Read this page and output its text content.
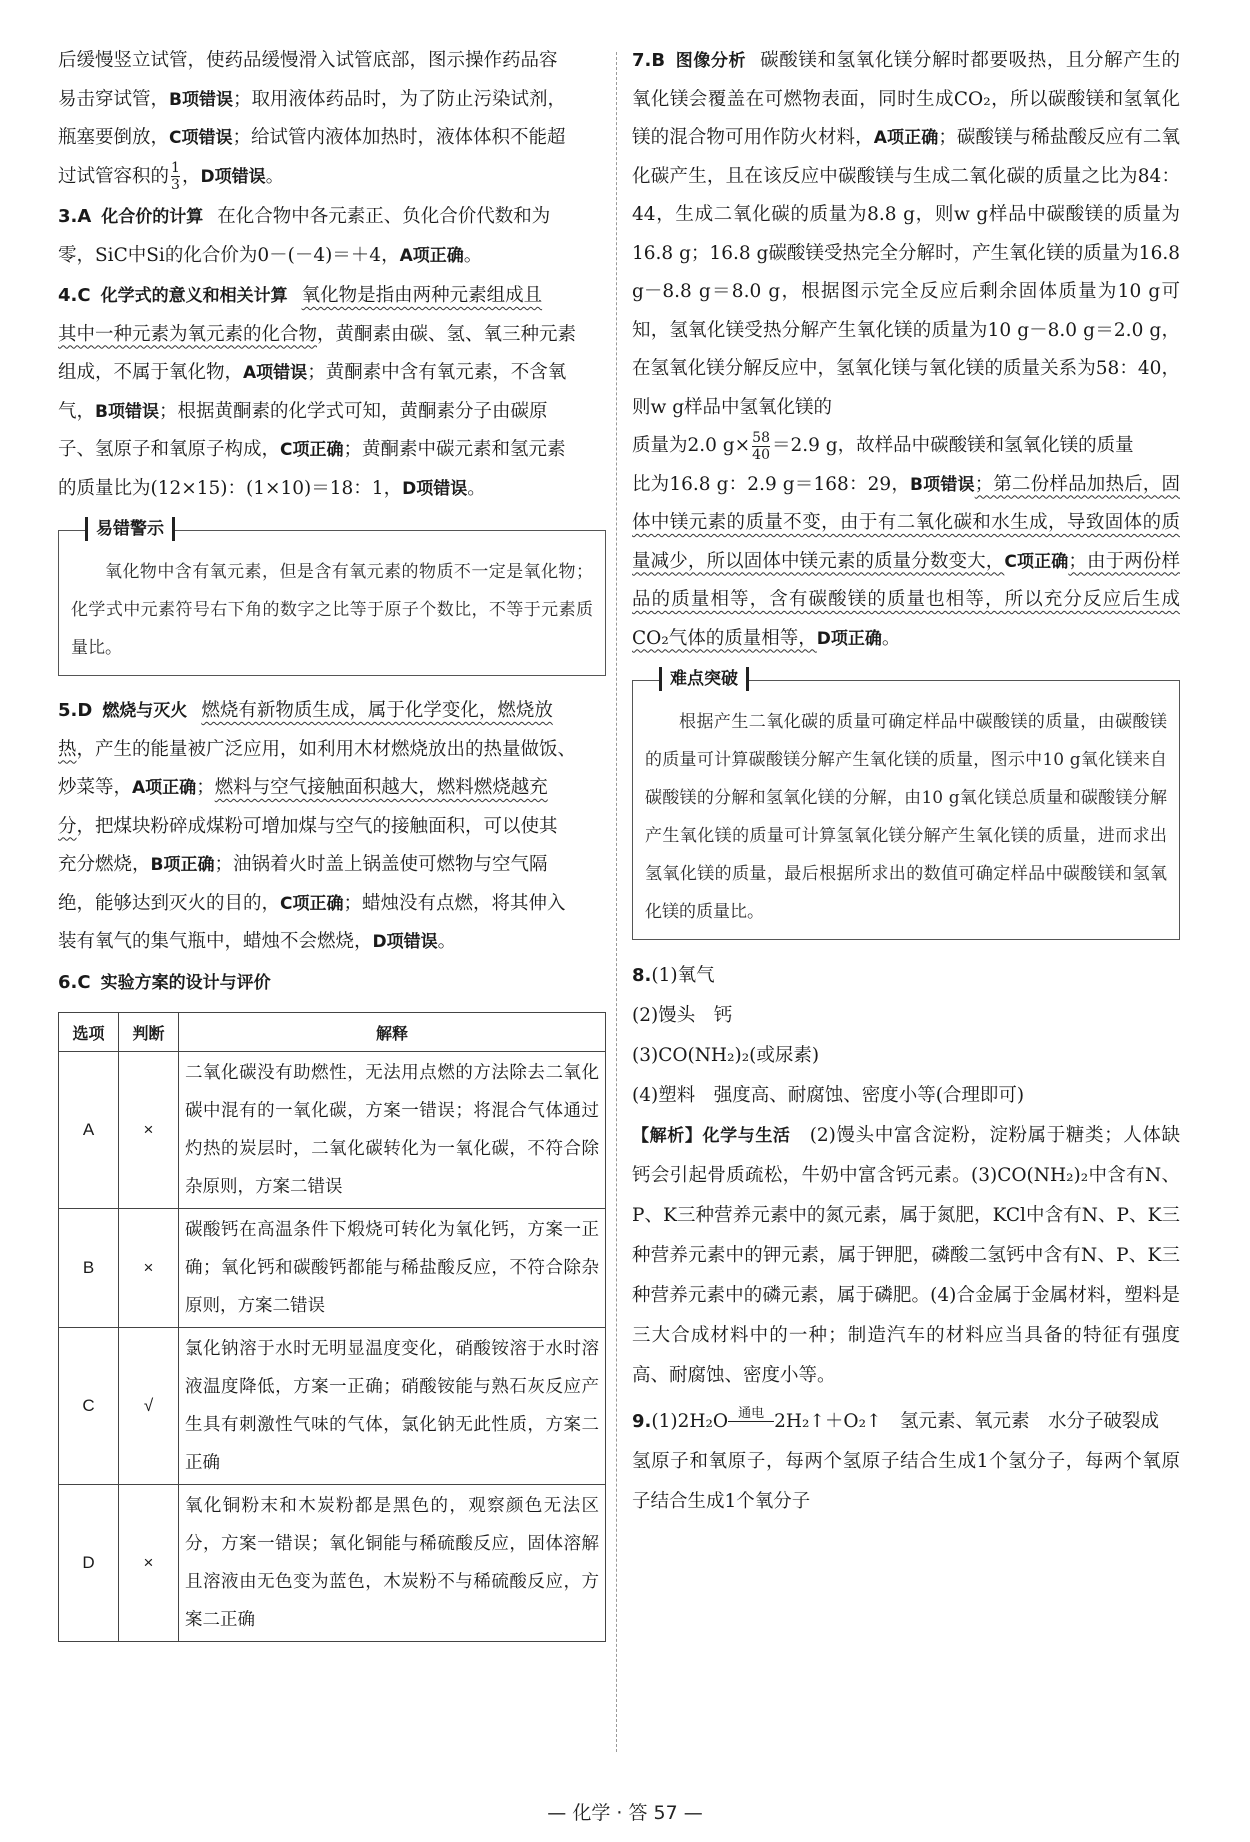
后缓慢竖立试管，使药品缓慢滑入试管底部，图示操作药品容
易击穿试管，B项错误；取用液体药品时，为了防止污染试剂，
瓶塞要倒放，C项错误；给试管内液体加热时，液体体积不能超
过试管容积的 $\frac{1}{3}$ ，D项错误。

3.A 化合价的计算 在化合物中各元素正、负化合价代数和为
零，SiC中Si的化合价为0－(－4)＝＋4，A项正确。

4.C 化学式的意义和相关计算 氧化物是指由两种元素组成且
其中一种元素为氧元素的化合物，黄酮素由碳、氢、氧三种元素
组成，不属于氧化物，A项错误；黄酮素中含有氧元素，不含氧
气，B项错误；根据黄酮素的化学式可知，黄酮素分子由碳原
子、氢原子和氧原子构成，C项正确；黄酮素中碳元素和氢元素
的质量比为(12×15)：(1×10)＝18：1，D项错误。

易错警示

氧化物中含有氧元素，但是含有氧元素的物质不一定是氧化物；化学式中元素符号右下角的数字之比等于原子个数比，不等于元素质量比。

5.D 燃烧与灭火 燃烧有新物质生成，属于化学变化，燃烧放
热，产生的能量被广泛应用，如利用木材燃烧放出的热量做饭、
炒菜等，A项正确；燃料与空气接触面积越大，燃料燃烧越充
分，把煤块粉碎成煤粉可增加煤与空气的接触面积，可以使其
充分燃烧，B项正确；油锅着火时盖上锅盖使可燃物与空气隔
绝，能够达到灭火的目的，C项正确；蜡烛没有点燃，将其伸入
装有氧气的集气瓶中，蜡烛不会燃烧，D项错误。

6.C 实验方案的设计与评价

选项	判断	解释
A	×	二氧化碳没有助燃性，无法用点燃的方法除去二氧化碳中混有的一氧化碳，方案一错误；将混合气体通过灼热的炭层时，二氧化碳转化为一氧化碳，不符合除杂原则，方案二错误
B	×	碳酸钙在高温条件下煅烧可转化为氧化钙，方案一正确；氧化钙和碳酸钙都能与稀盐酸反应，不符合除杂原则，方案二错误
C	√	氯化钠溶于水时无明显温度变化，硝酸铵溶于水时溶液温度降低，方案一正确；硝酸铵能与熟石灰反应产生具有刺激性气味的气体，氯化钠无此性质，方案二正确
D	×	氧化铜粉末和木炭粉都是黑色的，观察颜色无法区分，方案一错误；氧化铜能与稀硫酸反应，固体溶解且溶液由无色变为蓝色，木炭粉不与稀硫酸反应，方案二正确

7.B 图像分析 碳酸镁和氢氧化镁分解时都要吸热，且分解产生的氧化镁会覆盖在可燃物表面，同时生成CO₂，所以碳酸镁和氢氧化镁的混合物可用作防火材料，A项正确；碳酸镁与稀盐酸反应有二氧化碳产生，且在该反应中碳酸镁与生成二氧化碳的质量之比为84：44，生成二氧化碳的质量为8.8 g，则w g样品中碳酸镁的质量为16.8 g；16.8 g碳酸镁受热完全分解时，产生氧化镁的质量为16.8 g－8.8 g＝8.0 g，根据图示完全反应后剩余固体质量为10 g可知，氢氧化镁受热分解产生氧化镁的质量为10 g－8.0 g＝2.0 g，在氢氧化镁分解反应中，氢氧化镁与氧化镁的质量关系为58：40，则w g样品中氢氧化镁的
质量为2.0 $g\times \frac{58}{40} =2.9$ g，故样品中碳酸镁和氢氧化镁的质量
比为16.8 g：2.9 g＝168：29，B项错误；第二份样品加热后，固体中镁元素的质量不变，由于有二氧化碳和水生成，导致固体的质量减少，所以固体中镁元素的质量分数变大，C项正确；由于两份样品的质量相等，含有碳酸镁的质量也相等，所以充分反应后生成CO₂气体的质量相等，D项正确。

难点突破

根据产生二氧化碳的质量可确定样品中碳酸镁的质量，由碳酸镁的质量可计算碳酸镁分解产生氧化镁的质量，图示中10 g氧化镁来自碳酸镁的分解和氢氧化镁的分解，由10 g氧化镁总质量和碳酸镁分解产生氧化镁的质量可计算氢氧化镁分解产生氧化镁的质量，进而求出氢氧化镁的质量，最后根据所求出的数值可确定样品中碳酸镁和氢氧化镁的质量比。

8.(1)氧气
(2)馒头　钙
(3)CO(NH₂)₂(或尿素)
(4)塑料　强度高、耐腐蚀、密度小等(合理即可)
【解析】化学与生活　 (2)馒头中富含淀粉，淀粉属于糖类；人体缺钙会引起骨质疏松，牛奶中富含钙元素。(3)CO(NH₂)₂中含有N、P、K三种营养元素中的氮元素，属于氮肥，KCl中含有N、P、K三种营养元素中的钾元素，属于钾肥，磷酸二氢钙中含有N、P、K三种营养元素中的磷元素，属于磷肥。(4)合金属于金属材料，塑料是三大合成材料中的一种；制造汽车的材料应当具备的特征有强度高、耐腐蚀、密度小等。

9.(1)2H₂O 通电 2H₂↑＋O₂↑　 氢元素、氧元素　水分子破裂成
氢原子和氧原子，每两个氢原子结合生成1个氢分子，每两个氧原子结合生成1个氧分子

— 化学 · 答 57 —
